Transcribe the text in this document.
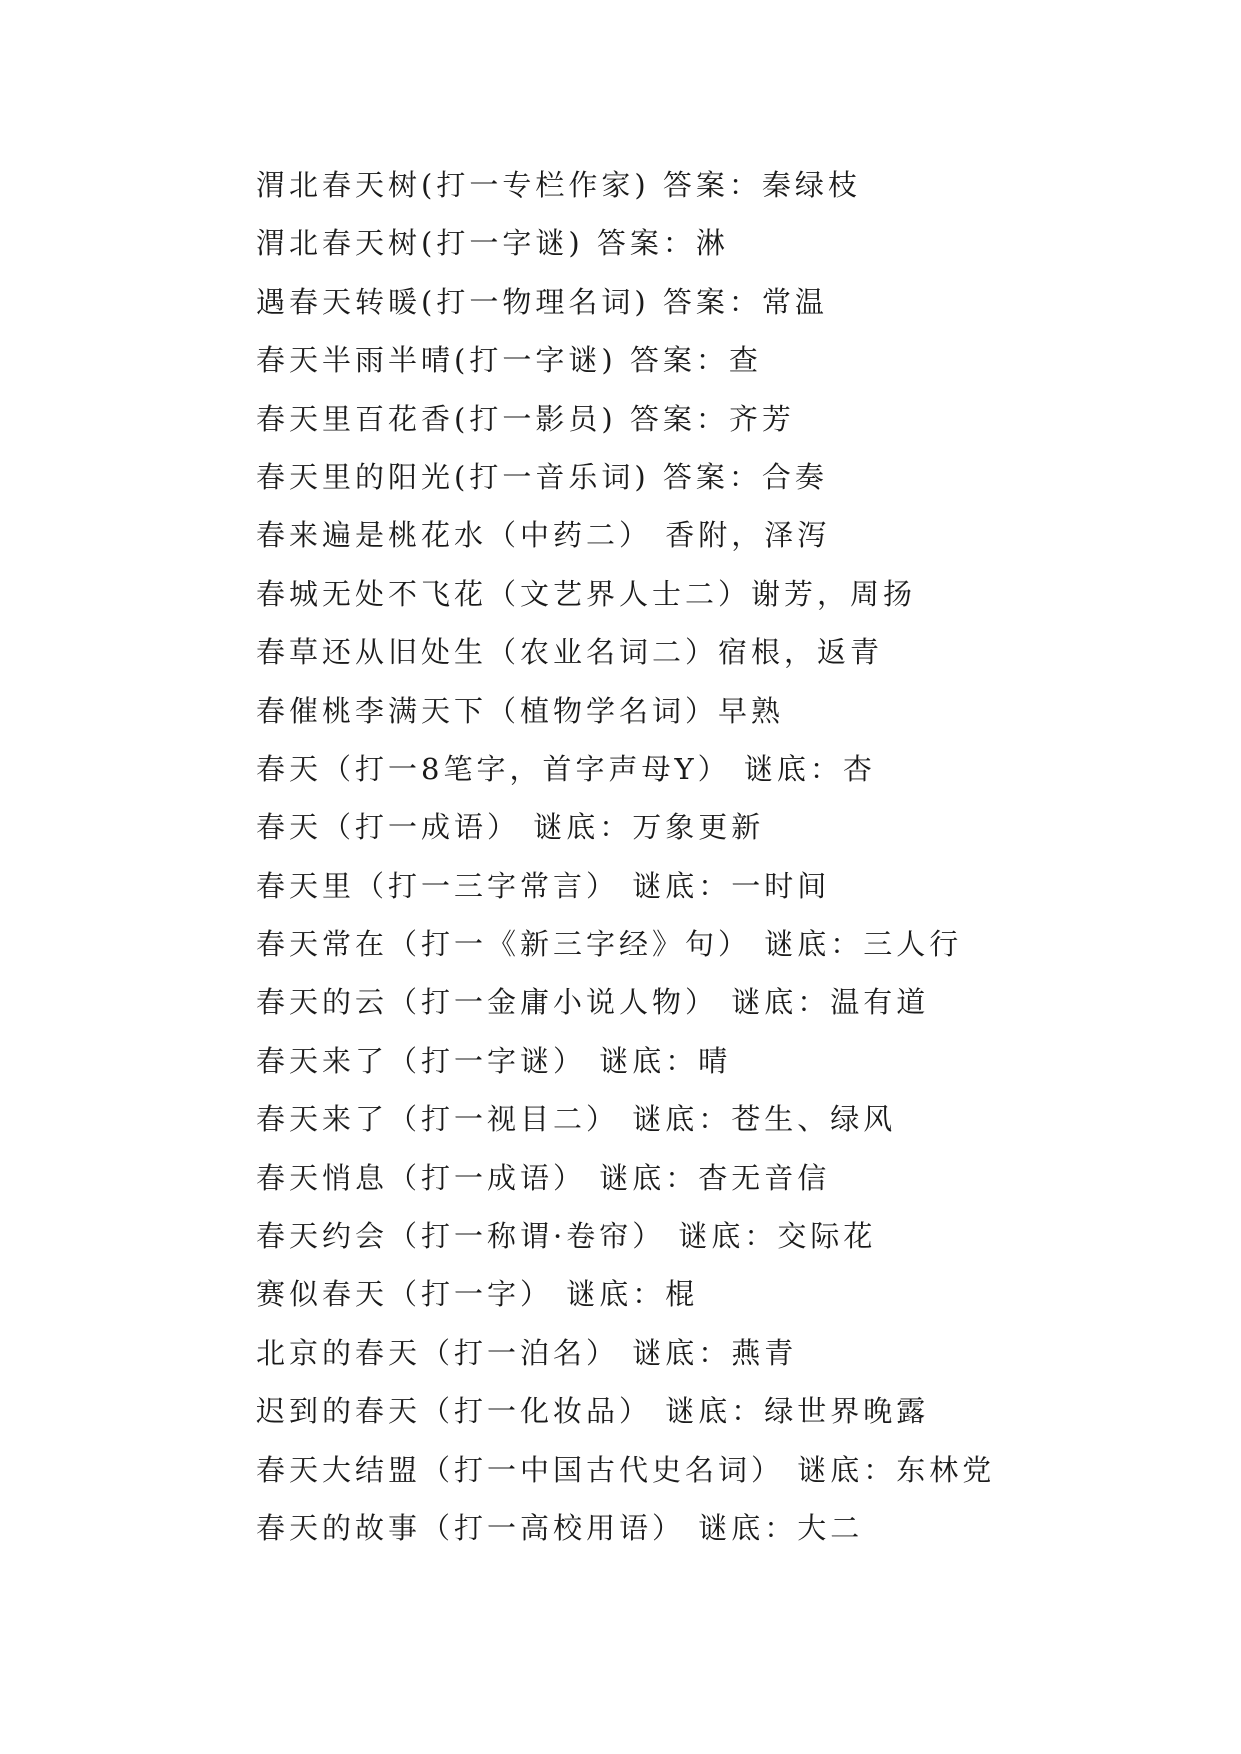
渭北春天树(打一专栏作家) 答案：秦绿枝
渭北春天树(打一字谜) 答案：淋
遇春天转暖(打一物理名词) 答案：常温
春天半雨半晴(打一字谜) 答案：查
春天里百花香(打一影员) 答案：齐芳
春天里的阳光(打一音乐词) 答案：合奏
春来遍是桃花水（中药二） 香附，泽泻
春城无处不飞花（文艺界人士二）谢芳，周扬
春草还从旧处生（农业名词二）宿根，返青
春催桃李满天下（植物学名词）早熟
春天（打一8笔字，首字声母Y） 谜底：杏
春天（打一成语） 谜底：万象更新
春天里（打一三字常言） 谜底：一时间
春天常在（打一《新三字经》句） 谜底：三人行
春天的云（打一金庸小说人物） 谜底：温有道
春天来了（打一字谜） 谜底：晴
春天来了（打一视目二） 谜底：苍生、绿风
春天悄息（打一成语） 谜底：杳无音信
春天约会（打一称谓·卷帘） 谜底：交际花
赛似春天（打一字） 谜底：棍
北京的春天（打一泊名） 谜底：燕青
迟到的春天（打一化妆品） 谜底：绿世界晚露
春天大结盟（打一中国古代史名词） 谜底：东林党
春天的故事（打一高校用语） 谜底：大二
